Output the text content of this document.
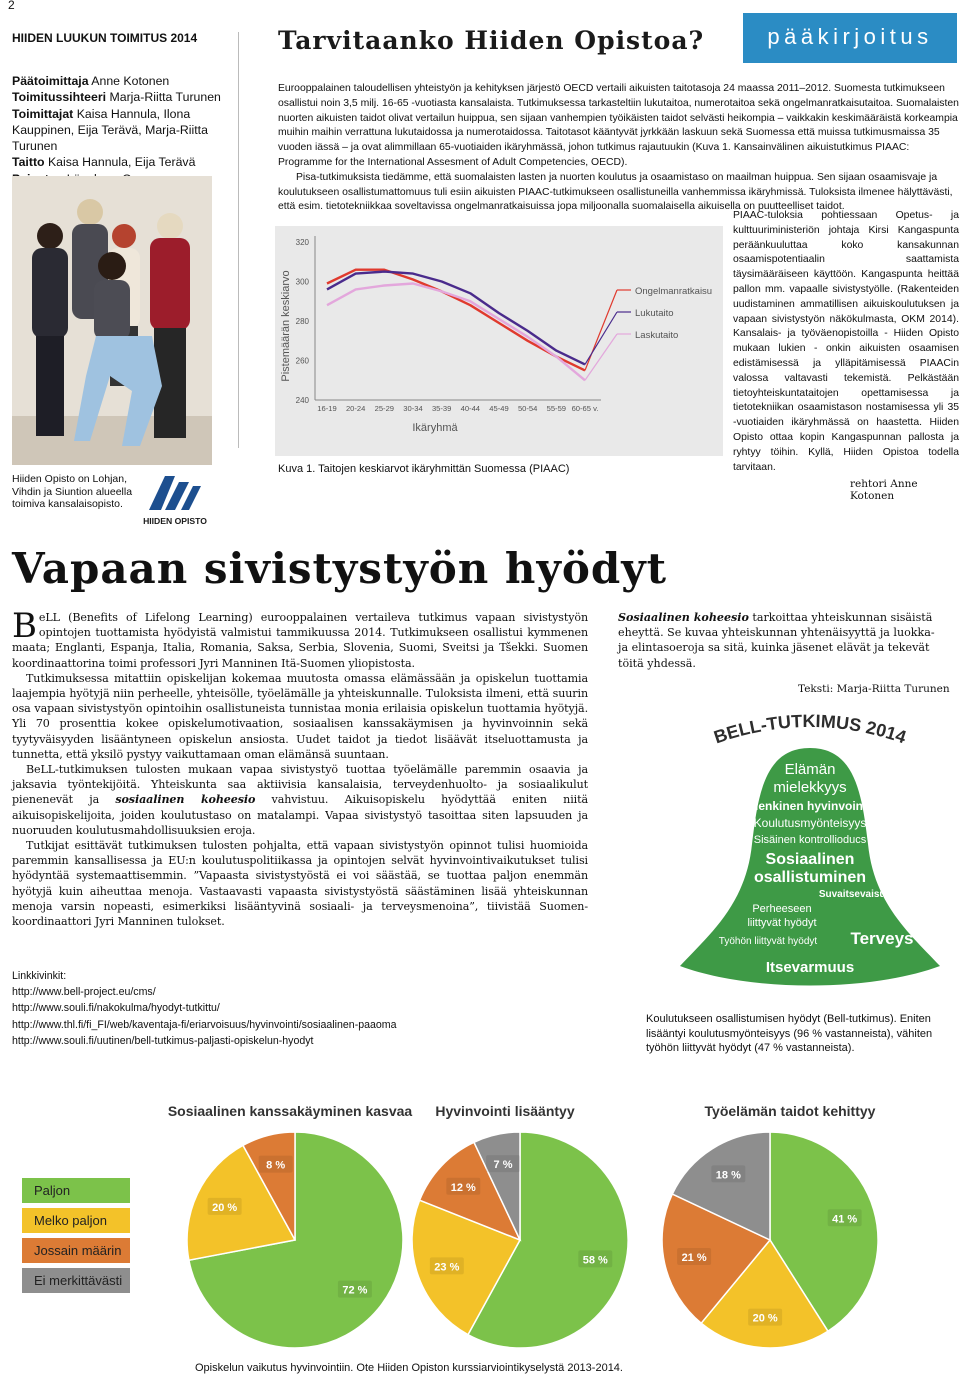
2
HIIDEN LUUKUN TOIMITUS 2014
Päätoimittaja Anne Kotonen
Toimitussihteeri Marja-Riitta Turunen
Toimittajat Kaisa Hannula, Ilona Kauppinen, Eija Terävä, Marja-Riitta Turunen
Taitto Kaisa Hannula, Eija Terävä
Hiiden Opisto on Lohjan, Vihdin ja Siuntion alueella toimiva kansalaisopisto.
HIIDEN OPISTO
Tarvitaanko Hiiden Opistoa?	pääkirjoitus

Eurooppalainen taloudellisen yhteistyön ja kehityksen järjestö OECD vertaili aikuisten taitotasoja 24 maassa 2011–2012. Suomesta tutkimukseen osallistui noin 3,5 milj. 16-65 -vuotiasta kansalaista. Tutkimuksessa tarkasteltiin lukutaitoa, numerotaitoa sekä ongelmanratkaisutaitoa. Suomalaisten nuorten aikuisten taidot olivat vertailun huippua, sen sijaan vanhempien työikäisten taidot selvästi heikompia – vaikkakin keskimääräistä korkeampia muihin maihin verrattuna lukutaidossa ja numerotaidossa. Taitotasot kääntyvät jyrkkään laskuun sekä Suomessa että muissa tutkimusmaissa 35 vuoden iässä – ja ovat alimmillaan 65-vuotiaiden ikäryhmässä, johon tutkimus rajautuukin (Kuva 1. Kansainvälinen aikuistutkimus PIAAC: Programme for the International Assesment of Adult Competencies, OECD).

Pisa-tutkimuksista tiedämme, että suomalaisten lasten ja nuorten koulutus ja osaamistaso on maailman huippua. Sen sijaan osaamisvaje ja koulutukseen osallistumattomuus tuli esiin aikuisten PIAAC-tutkimukseen osallistuneilla vanhemmissa ikäryhmissä. Tuloksista ilmenee hälyttävästi, että esim. tietotekniikkaa soveltavissa ongelmanratkaisuissa jopa miljoonalla suomalaisella aikuisella on puutteelliset taidot.

Pistemäärän keskiarvo
Ikäryhmä
240
260
280
300
320
16-19 20-24 25-29 30-34 35-39 40-44 45-49 50-54 55-59 60-65 v.
Ongelmanratkaisu
Lukutaito
Laskutaito
Kuva 1. Taitojen keskiarvot ikäryhmittän Suomessa (PIAAC)
PIAAC-tuloksia pohtiessaan Opetus- ja kulttuuriministeriön johtaja Kirsi Kangaspunta peräänkuuluttaa koko kansakunnan osaamispotentiaalin saattamista täysimääräiseen käyttöön. Kangaspunta heittää pallon mm. vapaalle sivistystyölle. (Rakenteiden uudistaminen ammatillisen aikuiskoulutuksen ja vapaan sivistystyön näkökulmasta, OKM 2014). Kansalais- ja työväenopistoilla - Hiiden Opisto mukaan lukien - onkin aikuisten osaamisen edistämisessä ja ylläpitämisessä PIAACin valossa valtavasti tekemistä. Pelkästään tietoyhteiskuntataitojen opettamisessa ja tietotekniikan osaamistason nostamisessa yli 35 -vuotiaiden ikäryhmässä on haastetta. Hiiden Opisto ottaa kopin Kangaspunnan pallosta ja ryhtyy töihin. Kyllä, Hiiden Opistoa todella tarvitaan.
rehtori Anne Kotonen
Vapaan sivistystyön hyödyt

BeLL (Benefits of Lifelong Learning) eurooppalainen vertaileva tutkimus vapaan sivistystyön opintojen tuottamista hyödyistä valmistui tammikuussa 2014. Tutkimukseen osallistui kymmenen maata; Englanti, Espanja, Italia, Romania, Saksa, Serbia, Slovenia, Suomi, Sveitsi ja Tšekki. Suomen koordinaattorina toimi professori Jyri Manninen Itä-Suomen yliopistosta.

Tutkimuksessa mitattiin opiskelijan kokemaa muutosta omassa elämässään ja opiskelun tuottamia laajempia hyötyjä niin perheelle, yhteisölle, työelämälle ja yhteiskunnalle. Tuloksista ilmeni, että suurin osa vapaan sivistystyön opintoihin osallistuneista tunnistaa monia erilaisia opiskelun tuottamia hyötyjä. Yli 70 prosenttia kokee opiskelumotivaation, sosiaalisen kanssakäymisen ja hyvinvoinnin sekä tyytyväisyyden lisääntyneen opiskelun ansiosta. Uudet taidot ja tiedot lisäävät itseluottamusta ja tunnetta, että yksilö pystyy vaikuttamaan oman elämänsä suuntaan.

BeLL-tutkimuksen tulosten mukaan vapaa sivistystyö tuottaa työelämälle paremmin osaavia ja jaksavia työntekijöitä. Yhteiskunta saa aktiivisia kansalaisia, terveydenhuolto- ja sosiaalikulut pienenevät ja sosiaalinen koheesio vahvistuu. Aikuisopiskelu hyödyttää eniten niitä aikuisopiskelijoita, joiden koulutustaso on matalampi. Vapaa sivistystyö tasoittaa siten lapsuuden ja nuoruuden koulutusmahdollisuuksien eroja.

Tutkijat esittävät tutkimuksen tulosten pohjalta, että vapaan sivistystyön opinnot tulisi huomioida paremmin kansallisessa ja EU:n koulutuspolitiikassa ja opintojen selvät hyvinvointivaikutukset tulisi hyödyntää systemaattisemmin. ”Vapaasta sivistystyöstä ei voi säästää, se tuottaa paljon enemmän hyötyjä kuin aiheuttaa menoja. Vastaavasti vapaasta sivistystyöstä säästäminen lisää yhteiskunnan menoja varsin nopeasti, esimerkiksi lisääntyvinä sosiaali- ja terveysmenoina”, tiivistää Suomen-koordinaattori Jyri Manninen tulokset.

Sosiaalinen koheesio tarkoittaa yhteiskunnan sisäistä eheyttä. Se kuvaa yhteiskunnan yhtenäisyyttä ja luokka- ja elintasoeroja sa sitä, kuinka jäsenet elävät ja tekevät töitä yhdessä.
Teksti: Marja-Riitta Turunen
BELL-TUTKIMUS 2014
Elämän
mielekkyys
Henkinen hyvinvointi
Koulutusmyönteisyys
Sisäinen kontrollioducs
Sosiaalinen
osallistuminen
Suvaitsevaisuus
Perheeseen
liittyvät hyödyt
Työhön liittyvät hyödyt Terveys
Itsevarmuus
Koulutukseen osallistumisen hyödyt (Bell-tutkimus). Eniten lisääntyi koulutusmyönteisyys (96 % vastanneista), vähiten työhön liittyvät hyödyt (47 % vastanneista).
Linkkivinkit:
http://www.bell-project.eu/cms/
http://www.souli.fi/nakokulma/hyodyt-tutkittu/
http://www.thl.fi/fi_FI/web/kaventaja-fi/eriarvoisuus/hyvinvointi/sosiaalinen-paaoma
http://www.souli.fi/uutinen/bell-tutkimus-paljasti-opiskelun-hyodyt
Sosiaalinen kanssakäyminen kasvaa
72 %
20 %
8 %
Hyvinvointi lisääntyy
58 %
23 %
12 %
7 %
Työelämän taidot kehittyy
41 %
20 %
21 %
18 %
Paljon
Melko paljon
Jossain määrin
Ei merkittävästi
Opiskelun vaikutus hyvinvointiin. Ote Hiiden Opiston kurssiarviointikyselystä 2013-2014.
